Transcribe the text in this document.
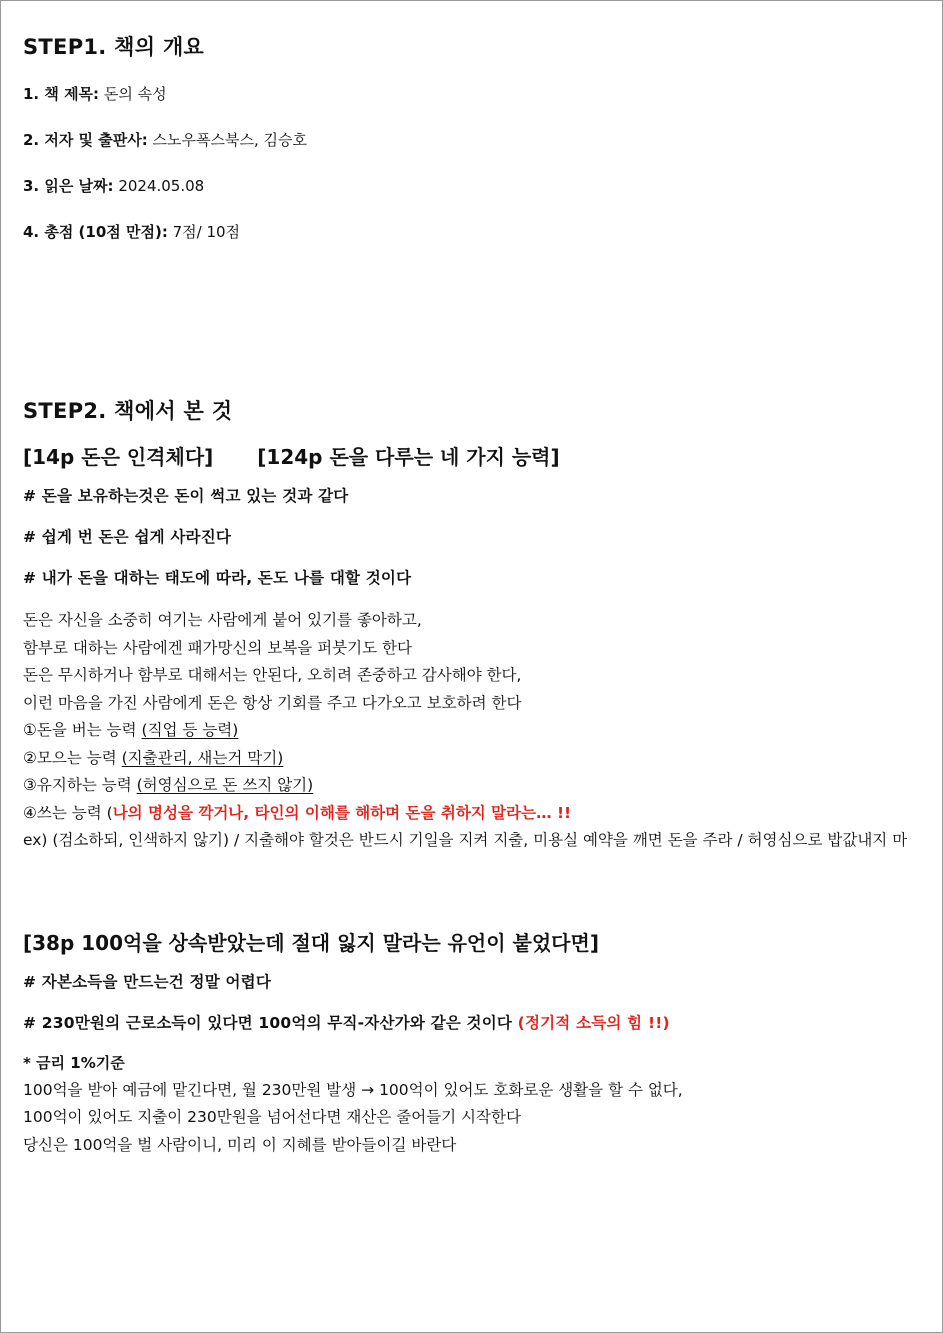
STEP1. 책의 개요
1. 책 제목: 돈의 속성
2. 저자 및 출판사: 스노우폭스북스, 김승호
3. 읽은 날짜: 2024.05.08
4. 총점 (10점 만점): 7점/ 10점
STEP2. 책에서 본 것
[14p 돈은 인격체다] [124p 돈을 다루는 네 가지 능력]
# 돈을 보유하는것은 돈이 썩고 있는 것과 같다
# 쉽게 번 돈은 쉽게 사라진다
# 내가 돈을 대하는 태도에 따라, 돈도 나를 대할 것이다
돈은 자신을 소중히 여기는 사람에게 붙어 있기를 좋아하고,
함부로 대하는 사람에겐 패가망신의 보복을 퍼붓기도 한다
돈은 무시하거나 함부로 대해서는 안된다, 오히려 존중하고 감사해야 한다,
이런 마음을 가진 사람에게 돈은 항상 기회를 주고 다가오고 보호하려 한다
①돈을 버는 능력 (직업 등 능력)
②모으는 능력 (지출관리, 새는거 막기)
③유지하는 능력 (허영심으로 돈 쓰지 않기)
④쓰는 능력 (나의 명성을 깍거나, 타인의 이해를 해하며 돈을 취하지 말라는… !!
ex) (검소하되, 인색하지 않기) / 지출해야 할것은 반드시 기일을 지켜 지출, 미용실 예약을 깨면 돈을 주라 / 허영심으로 밥값내지 마
[38p 100억을 상속받았는데 절대 잃지 말라는 유언이 붙었다면]
# 자본소득을 만드는건 정말 어렵다
# 230만원의 근로소득이 있다면 100억의 무직-자산가와 같은 것이다 (정기적 소득의 힘 !!)
* 금리 1%기준
100억을 받아 예금에 맡긴다면, 월 230만원 발생 → 100억이 있어도 호화로운 생활을 할 수 없다,
100억이 있어도 지출이 230만원을 넘어선다면 재산은 줄어들기 시작한다
당신은 100억을 벌 사람이니, 미리 이 지혜를 받아들이길 바란다
